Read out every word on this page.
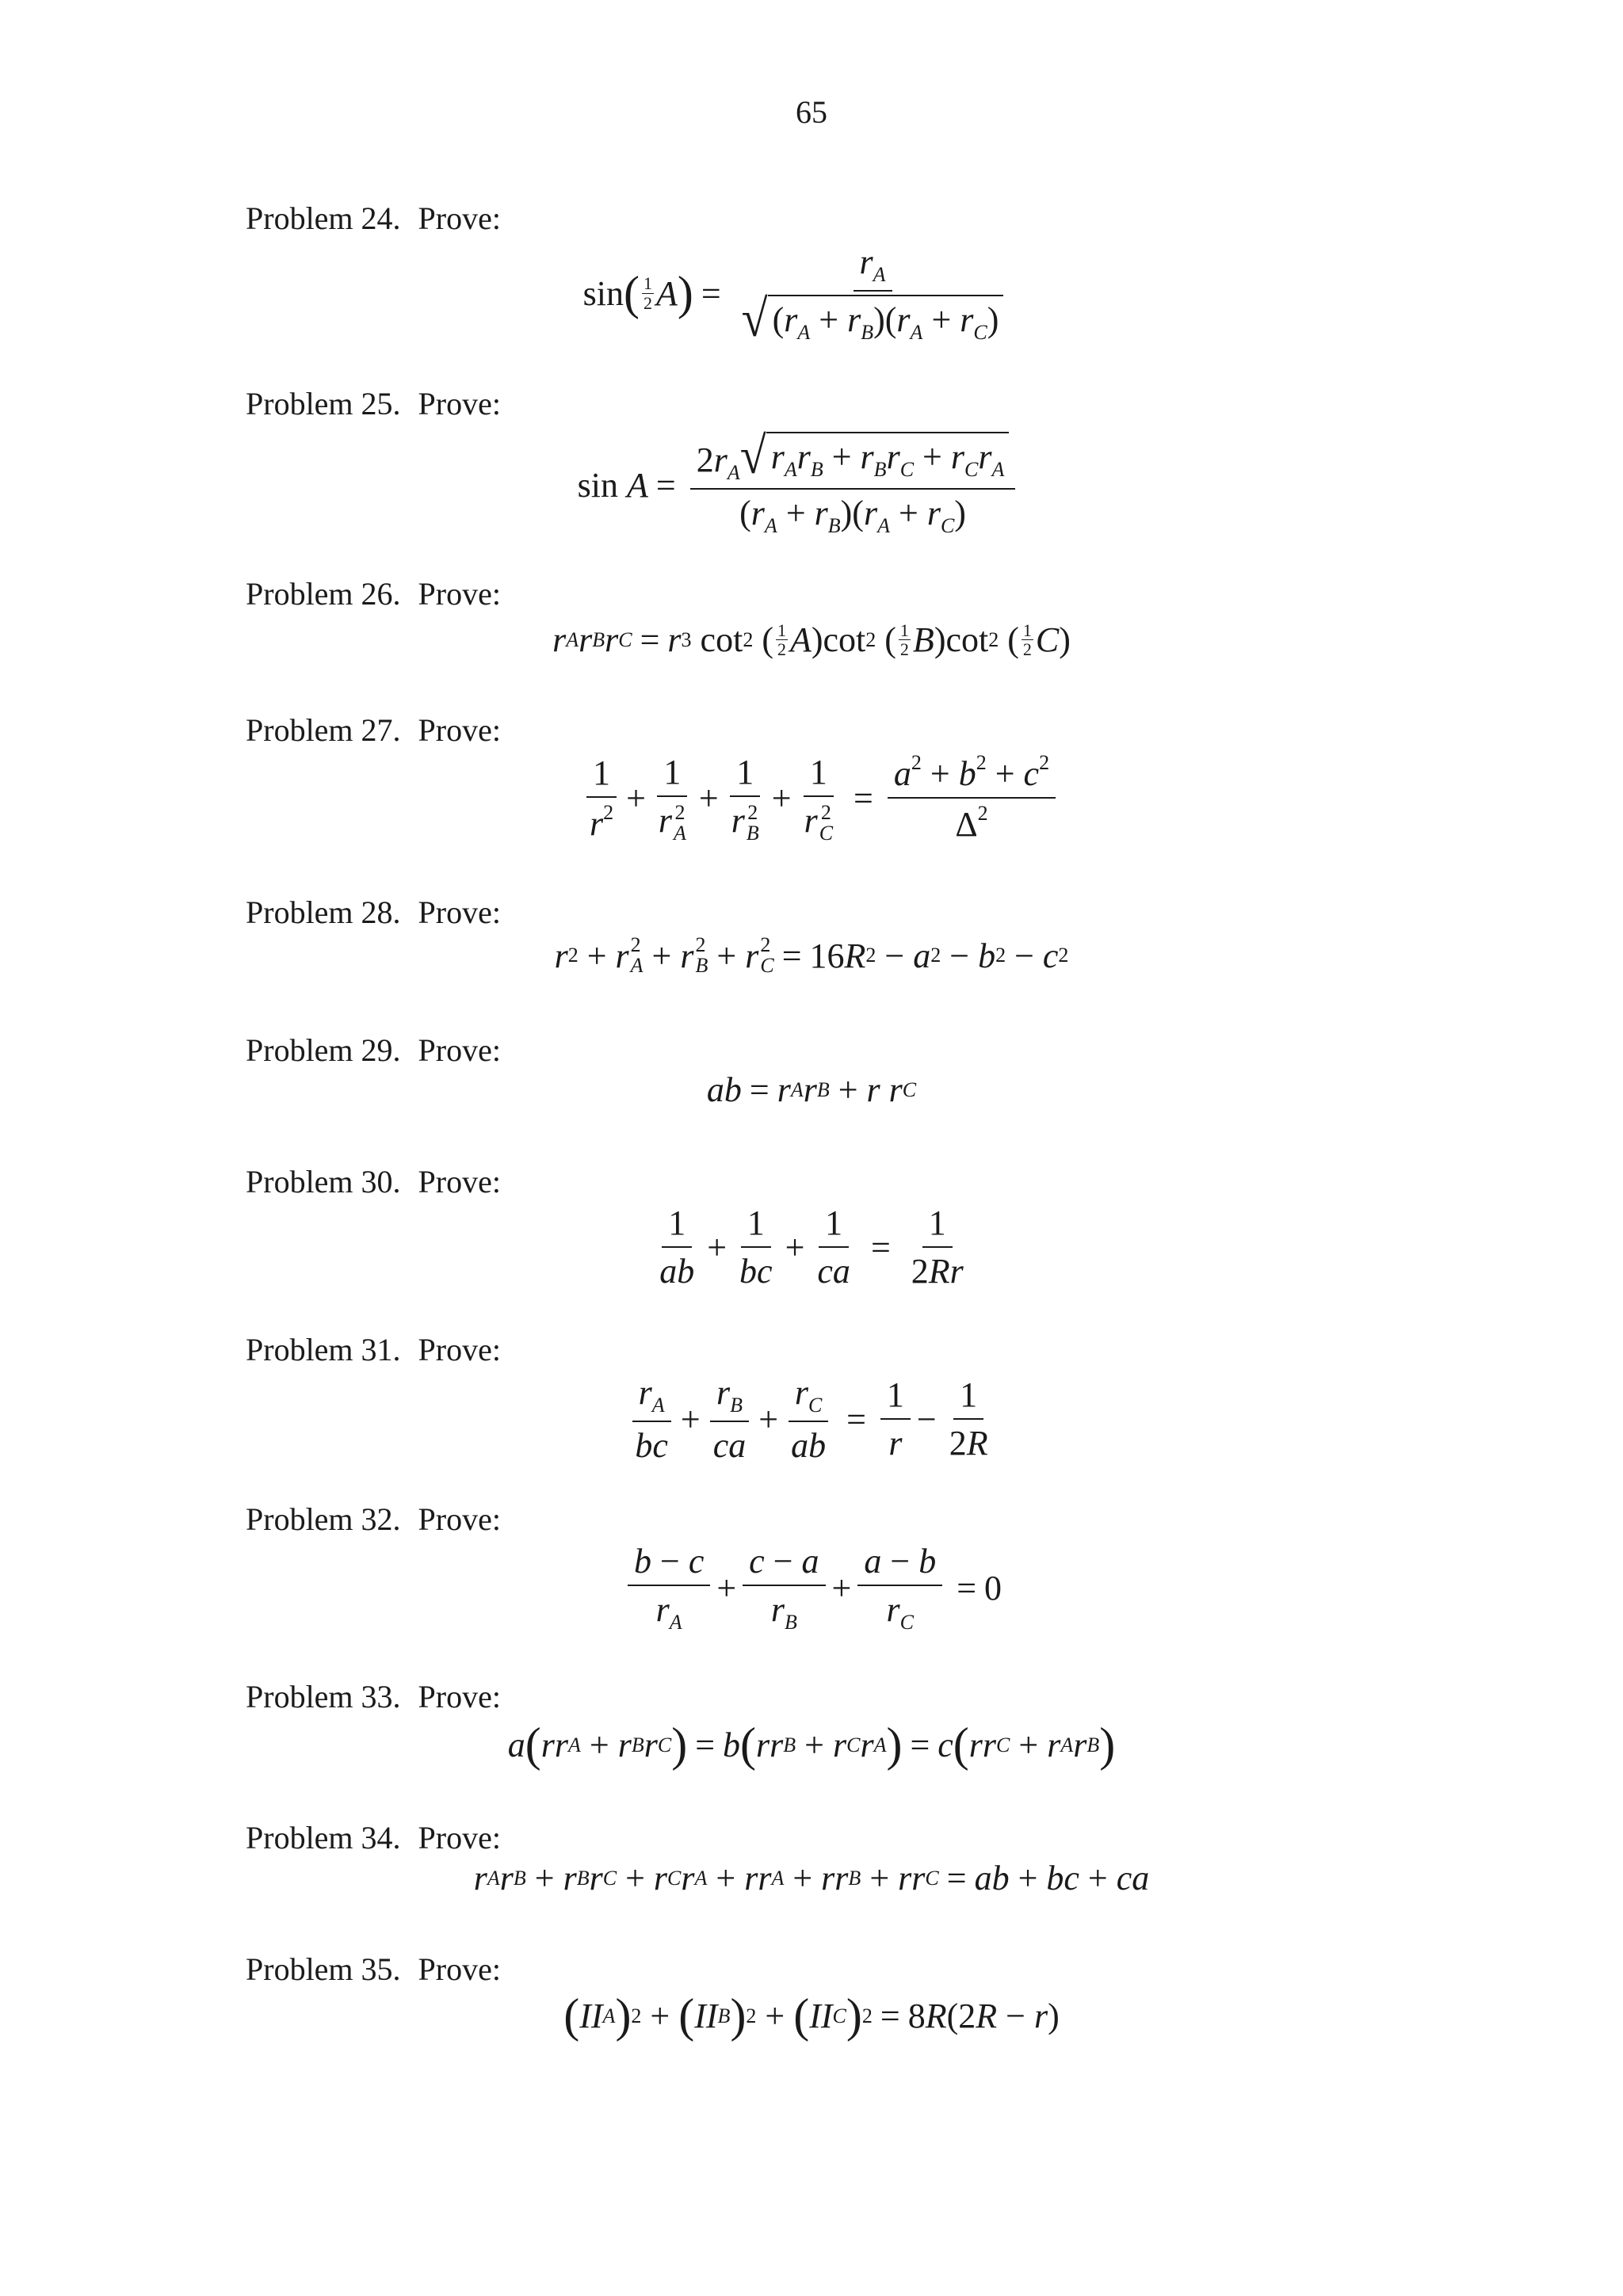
65
Problem 24. Prove:
Problem 25. Prove:
Problem 26. Prove:
Problem 27. Prove:
Problem 28. Prove:
Problem 29. Prove:
Problem 30. Prove:
Problem 31. Prove:
Problem 32. Prove:
Problem 33. Prove:
Problem 34. Prove:
Problem 35. Prove:
sin ( $\frac{1}{2}$ A ) = $\frac{r_A}{√ (r_A + r_B)(r_A + r_C)}$
$\sin A = \frac{2r_A √ r_Ar_B + r_Br_C + r_Cr_A}{(r_A + r_B)(r_A + r_C)}$
r A r B r C = r 3 cot 2 ( $\frac{1}{2}$ A )cot 2 ( $\frac{1}{2}$ B )cot 2 ( $\frac{1}{2}$ C )
$\frac{1}{r^2} + 1$
r 2
A + 1
r 2
B + 1
r 2
$C = \frac{a^2 + b^2 + c^2}{\Delta^2}$
r 2 + r 2
A + r 2
B + r 2
C = 16 R 2 − a 2 − b 2 − c 2
ab = r A r B + r
r C
$\frac{1}{ab} + \frac{1}{bc} + \frac{1}{ca} = \frac{1}{2Rr}$
$\frac{r_A}{bc} + \frac{r_B}{ca} + \frac{r_C}{ab} = \frac{1}{r} - \frac{1}{2R}$
$\frac{b - c}{r_A} + \frac{c - a}{r_B} + \frac{a - b}{r_C} = 0$
a ( r r A + r B r C ) = b ( r r B + r C r A ) = c ( r r C + r A r B )
r A r B + r B r C + r C r A + r r A + r r B + r r C = ab + bc + ca
( II A ) 2 + ( II B ) 2 + ( II C ) 2 = 8 R (2 R − r )
